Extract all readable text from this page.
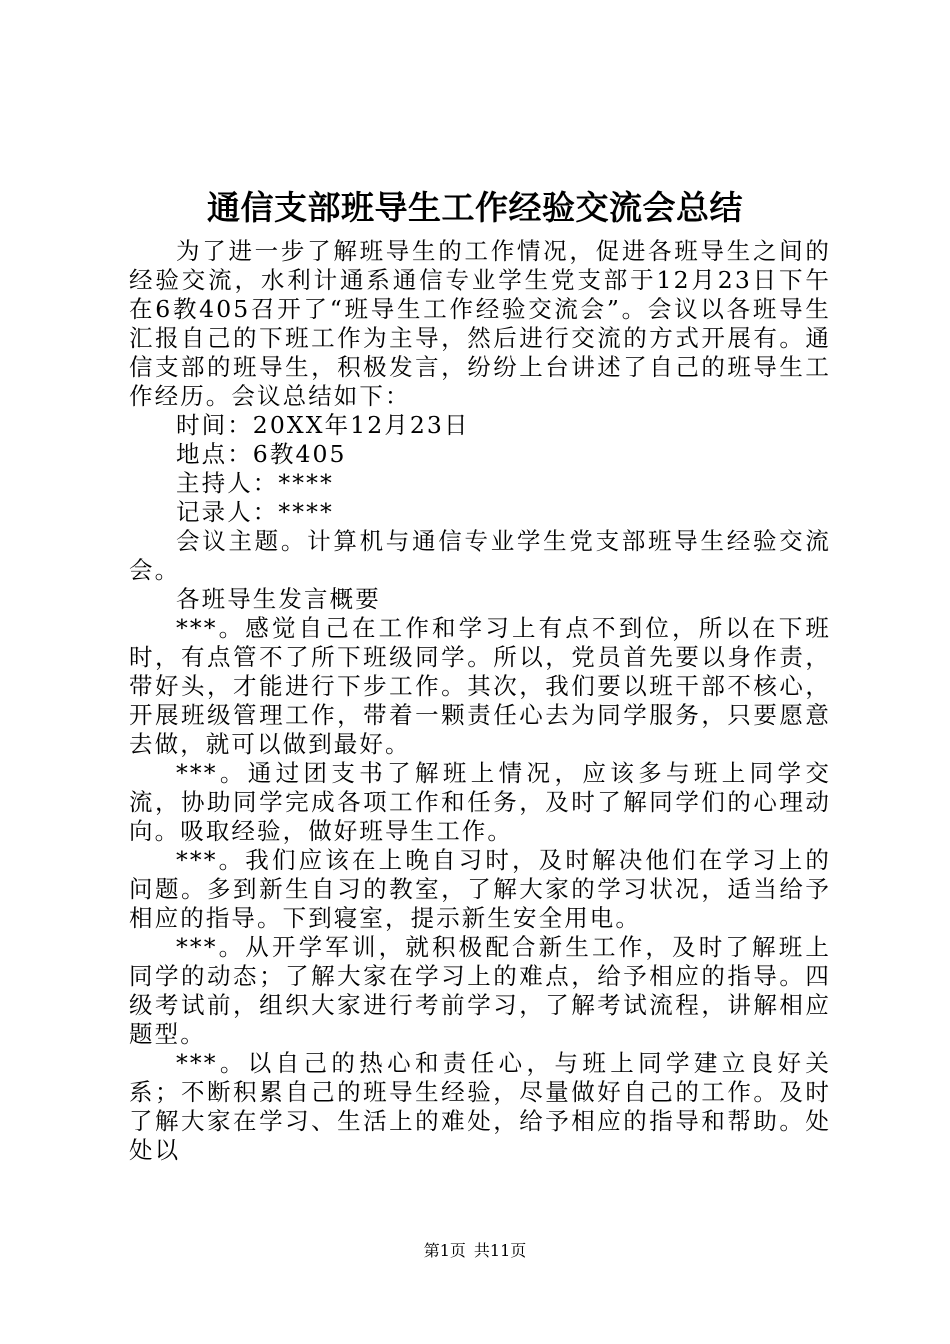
通信支部班导生工作经验交流会总结

为了进一步了解班导生的工作情况，促进各班导生之间的经验交流，水利计通系通信专业学生党支部于12月23日下午在6教405召开了“班导生工作经验交流会”。会议以各班导生汇报自己的下班工作为主导，然后进行交流的方式开展有。通信支部的班导生，积极发言，纷纷上台讲述了自己的班导生工作经历。会议总结如下：

时间：20XX年12月23日

地点：6教405

主持人：****

记录人：****

会议主题。计算机与通信专业学生党支部班导生经验交流会。

各班导生发言概要

***。感觉自己在工作和学习上有点不到位，所以在下班时，有点管不了所下班级同学。所以，党员首先要以身作责，带好头，才能进行下步工作。其次，我们要以班干部不核心，开展班级管理工作，带着一颗责任心去为同学服务，只要愿意去做，就可以做到最好。

***。通过团支书了解班上情况，应该多与班上同学交流，协助同学完成各项工作和任务，及时了解同学们的心理动向。吸取经验，做好班导生工作。

***。我们应该在上晚自习时，及时解决他们在学习上的问题。多到新生自习的教室，了解大家的学习状况，适当给予相应的指导。下到寝室，提示新生安全用电。

***。从开学军训，就积极配合新生工作，及时了解班上同学的动态；了解大家在学习上的难点，给予相应的指导。四级考试前，组织大家进行考前学习，了解考试流程，讲解相应题型。

***。以自己的热心和责任心，与班上同学建立良好关系；不断积累自己的班导生经验，尽量做好自己的工作。及时了解大家在学习、生活上的难处，给予相应的指导和帮助。处处以

第1页 共11页
